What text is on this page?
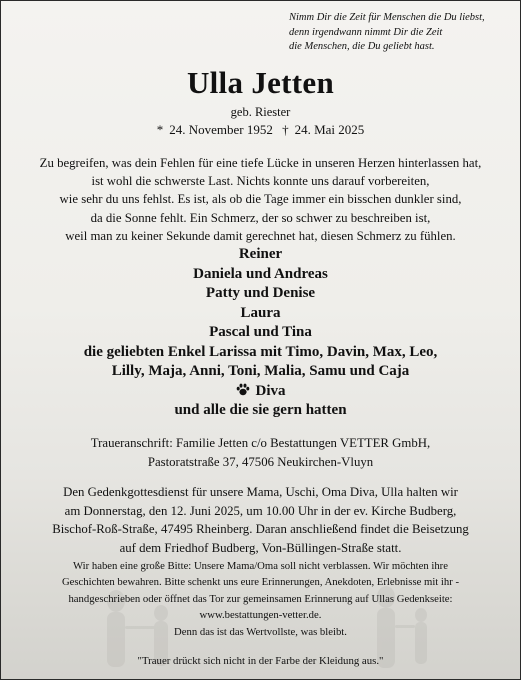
Nimm Dir die Zeit für Menschen die Du liebst,
denn irgendwann nimmt Dir die Zeit
die Menschen, die Du geliebt hast.
Ulla Jetten
geb. Riester
* 24. November 1952 † 24. Mai 2025
Zu begreifen, was dein Fehlen für eine tiefe Lücke in unseren Herzen hinterlassen hat,
ist wohl die schwerste Last. Nichts konnte uns darauf vorbereiten,
wie sehr du uns fehlst. Es ist, als ob die Tage immer ein bisschen dunkler sind,
da die Sonne fehlt. Ein Schmerz, der so schwer zu beschreiben ist,
weil man zu keiner Sekunde damit gerechnet hat, diesen Schmerz zu fühlen.
Reiner
Daniela und Andreas
Patty und Denise
Laura
Pascal und Tina
die geliebten Enkel Larissa mit Timo, Davin, Max, Leo,
Lilly, Maja, Anni, Toni, Malia, Samu und Caja
Diva
und alle die sie gern hatten
Traueranschrift: Familie Jetten c/o Bestattungen VETTER GmbH,
Pastoratstraße 37, 47506 Neukirchen-Vluyn
Den Gedenkgottesdienst für unsere Mama, Uschi, Oma Diva, Ulla halten wir
am Donnerstag, den 12. Juni 2025, um 10.00 Uhr in der ev. Kirche Budberg,
Bischof-Roß-Straße, 47495 Rheinberg. Daran anschließend findet die Beisetzung
auf dem Friedhof Budberg, Von-Büllingen-Straße statt.
Wir haben eine große Bitte: Unsere Mama/Oma soll nicht verblassen. Wir möchten ihre
Geschichten bewahren. Bitte schenkt uns eure Erinnerungen, Anekdoten, Erlebnisse mit ihr -
handgeschrieben oder öffnet das Tor zur gemeinsamen Erinnerung auf Ullas Gedenkseite:
www.bestattungen-vetter.de.
Denn das ist das Wertvollste, was bleibt.
"Trauer drückt sich nicht in der Farbe der Kleidung aus."
